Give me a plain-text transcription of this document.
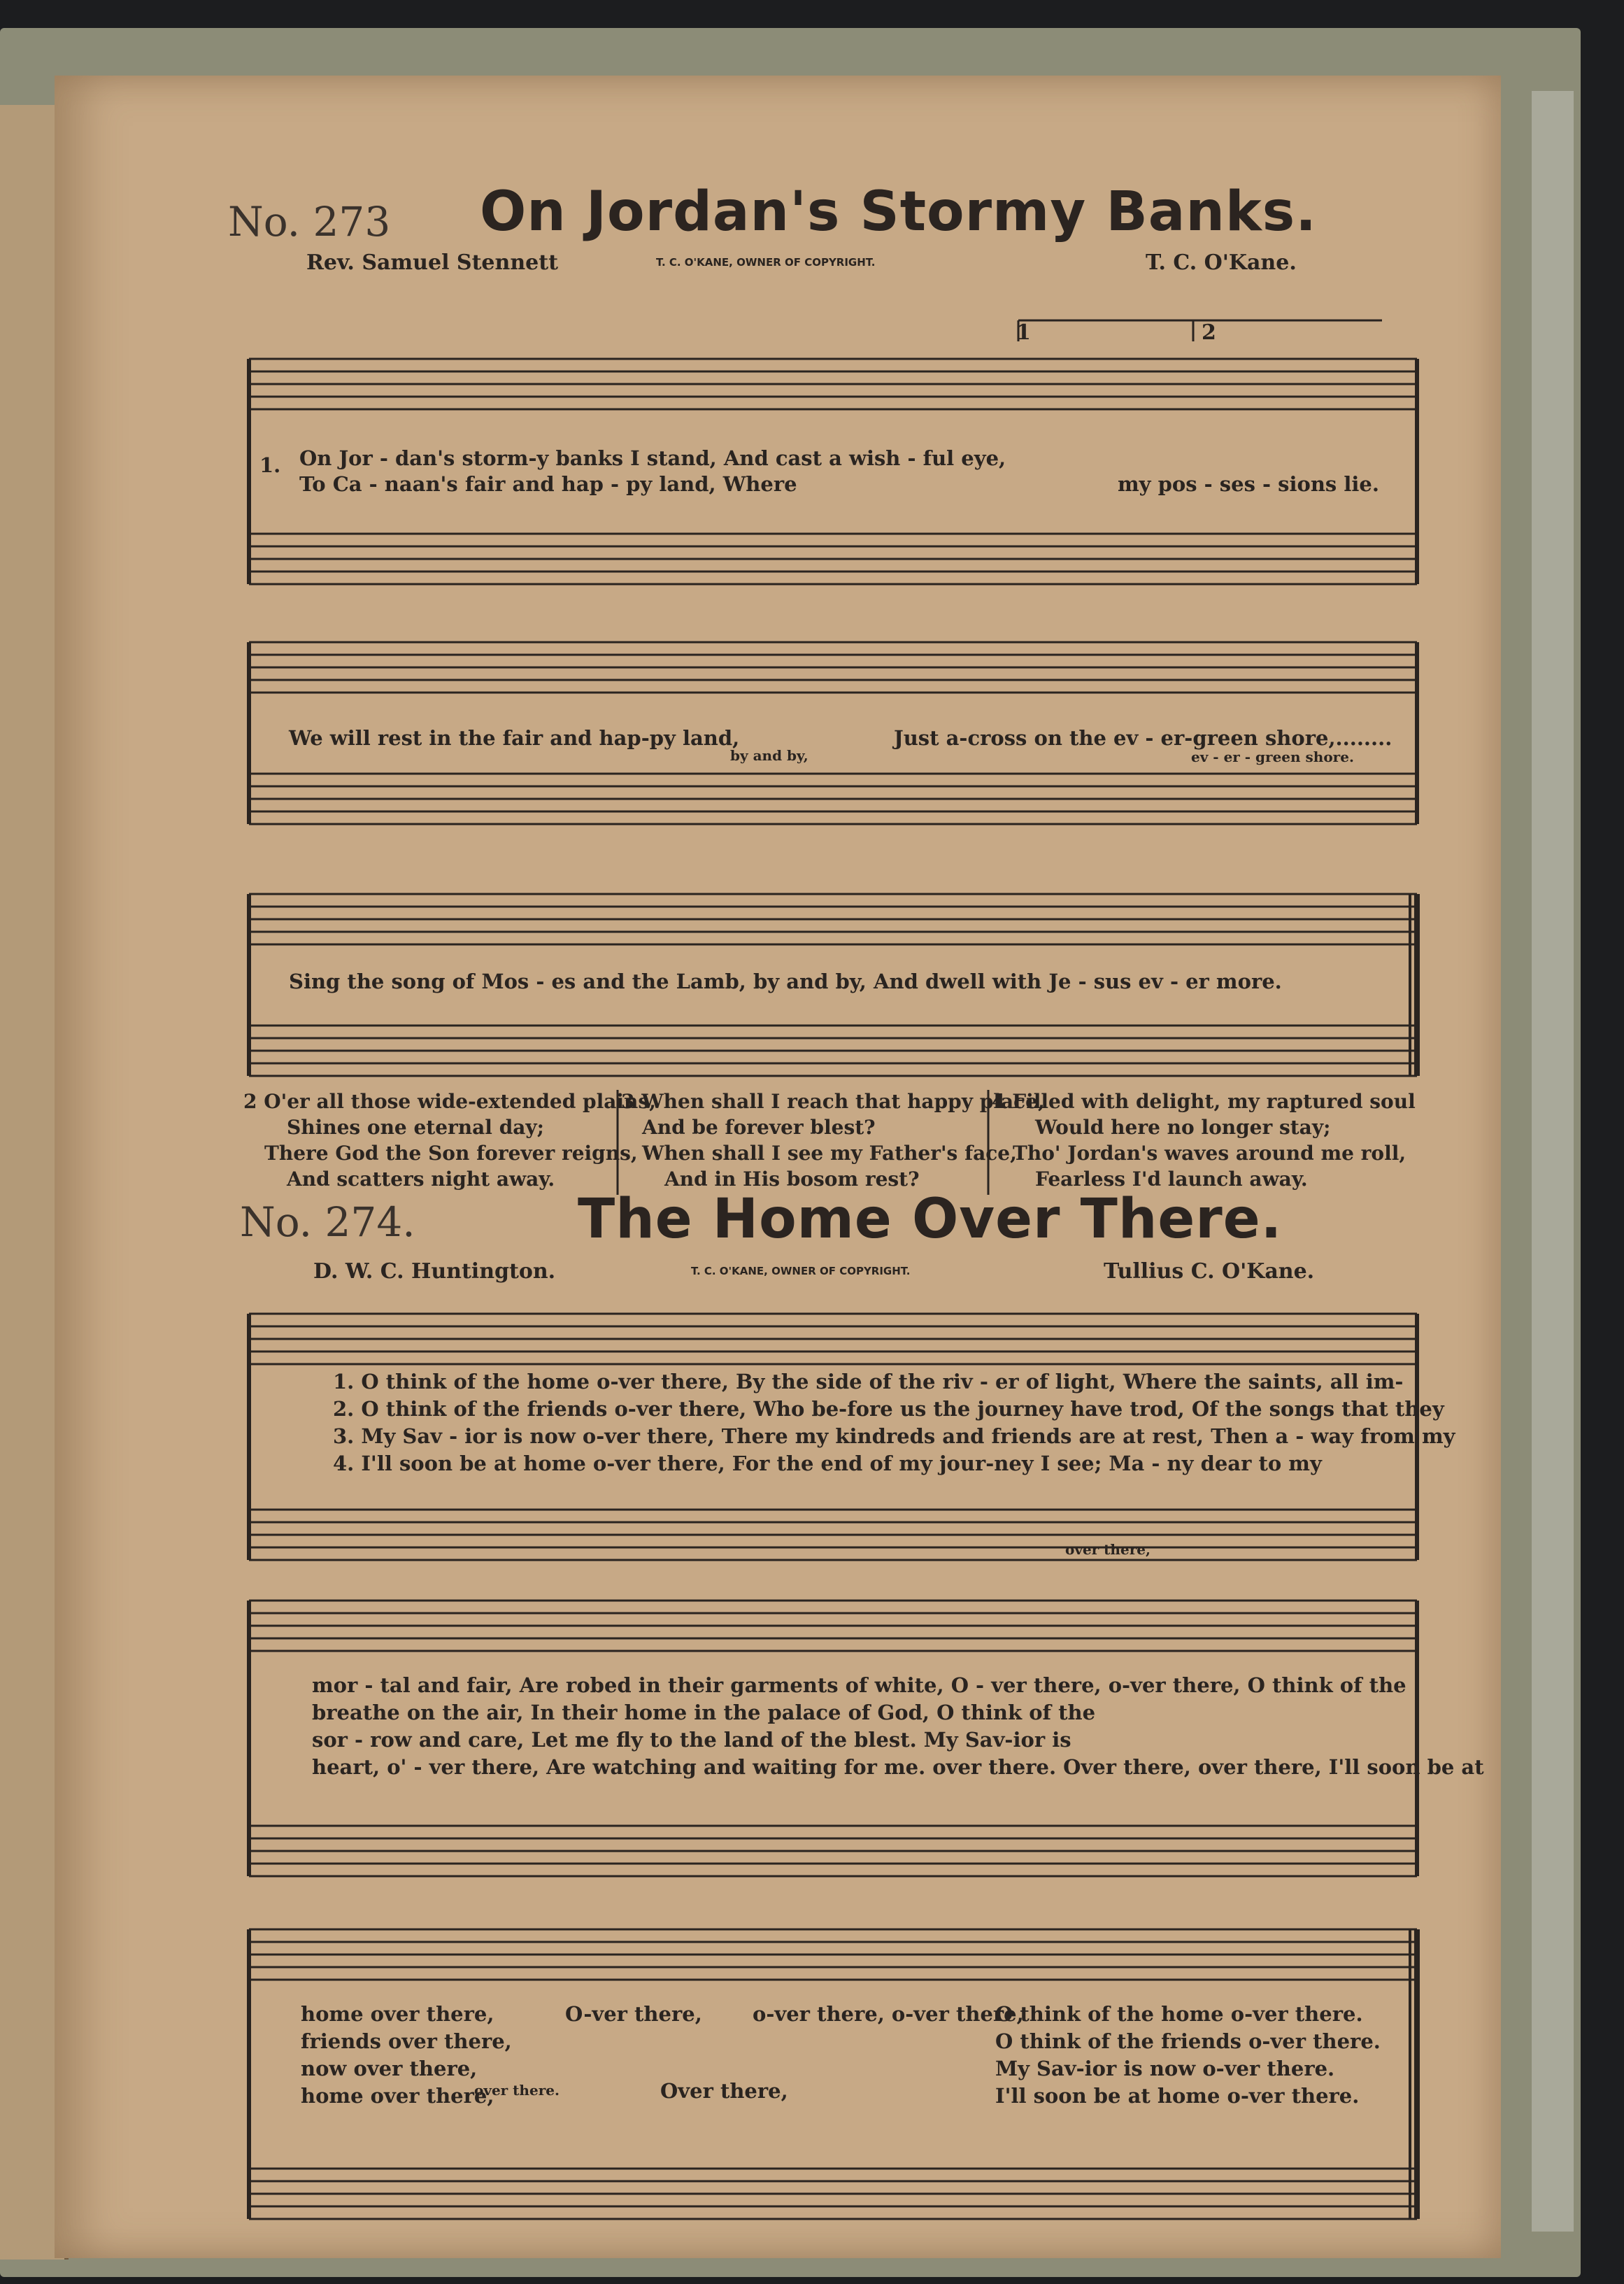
No. 273 On Jordan's Stormy Banks.
Rev. Samuel Stennett	T. C. O'KANE, OWNER OF COPYRIGHT.	T. C. O'Kane.
1	2
1. On Jor - dan's storm-y banks I stand, And cast a wish - ful eye,
To Ca - naan's fair and hap - py land, Where	my pos - ses - sions lie.
We will rest in the fair and hap-py land,	Just a-cross on the ev - er-green shore,........
by and by,	ev - er - green shore.
Sing the song of Mos - es and the Lamb, by and by, And dwell with Je - sus ev - er more.
2 O'er all those wide-extended plains,
Shines one eternal day;
There God the Son forever reigns,
And scatters night away.
3 When shall I reach that happy place,
And be forever blest?
When shall I see my Father's face,
And in His bosom rest?
4 Filled with delight, my raptured soul
Would here no longer stay;
Tho' Jordan's waves around me roll,
Fearless I'd launch away.
No. 274.	The Home Over There.
D. W. C. Huntington.	T. C. O'KANE, OWNER OF COPYRIGHT.	Tullius C. O'Kane.
1. O think of the home o-ver there, By the side of the riv - er of light, Where the saints, all im-
2. O think of the friends o-ver there, Who be-fore us the journey have trod, Of the songs that they
3. My Sav - ior is now o-ver there, There my kindreds and friends are at rest, Then a - way from my
4. I'll soon be at home o-ver there, For the end of my jour-ney I see; Ma - ny dear to my
over there,
mor - tal and fair, Are robed in their garments of white, O - ver there, o-ver there, O think of the
breathe on the air, In their home in the palace of God, O think of the
sor - row and care, Let me fly to the land of the blest. My Sav-ior is
heart, o' - ver there, Are watching and waiting for me. over there. Over there, over there, I'll soon be at
home over there,
friends over there,
now over there,
home over there,
O-ver there, o-ver there, o-ver there,
over there.	Over there,
O think of the home o-ver there.
O think of the friends o-ver there.
My Sav-ior is now o-ver there.
I'll soon be at home o-ver there.
